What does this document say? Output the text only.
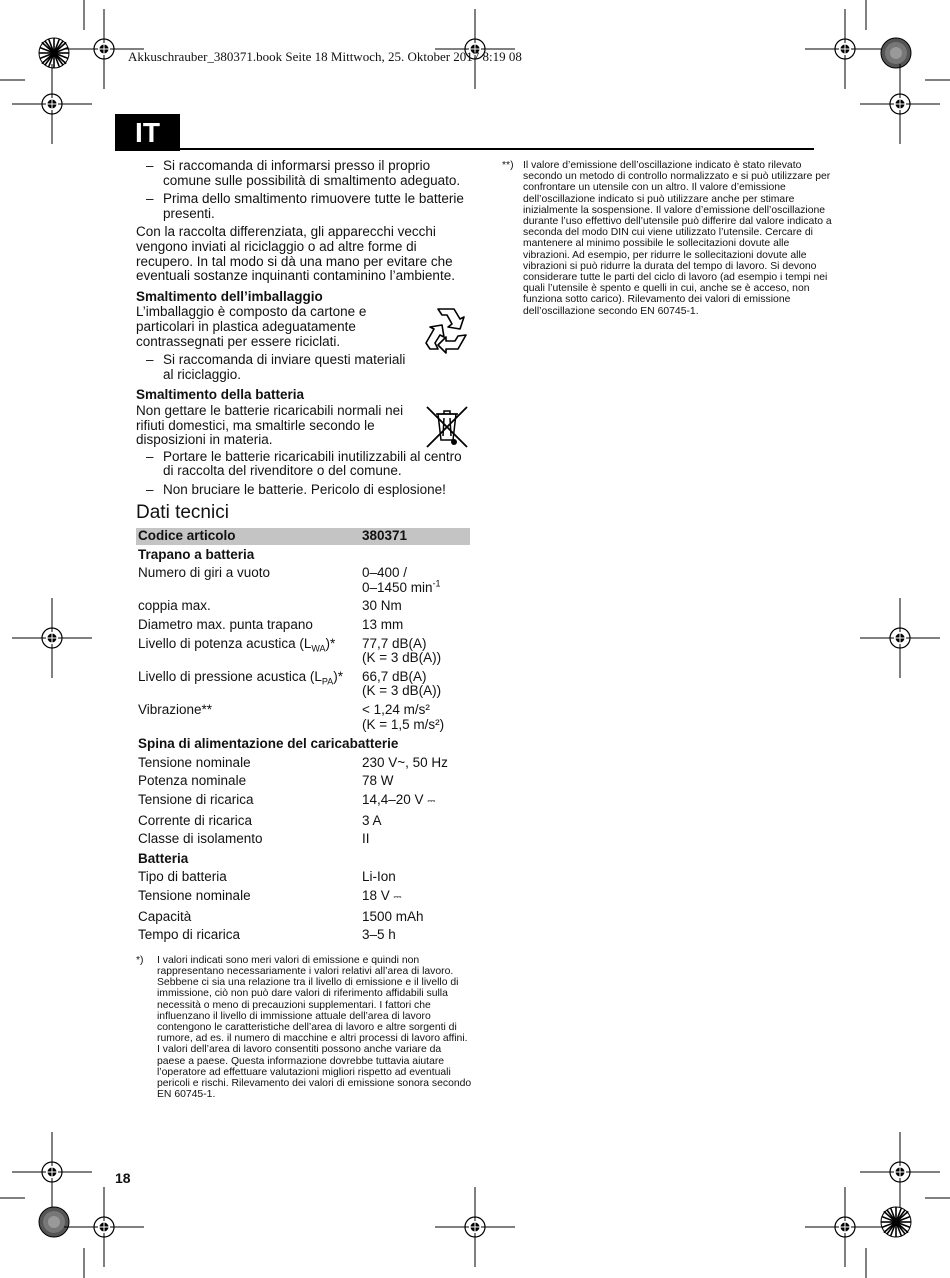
Akkuschrauber_380371.book Seite 18 Mittwoch, 25. Oktober 2017 8:19 08
IT
– Si raccomanda di informarsi presso il proprio comune sulle possibilità di smaltimento adeguato.
– Prima dello smaltimento rimuovere tutte le batterie presenti.

Con la raccolta differenziata, gli apparecchi vecchi vengono inviati al riciclaggio o ad altre forme di recupero. In tal modo si dà una mano per evitare che eventuali sostanze inquinanti contaminino l’ambiente.

Smaltimento dell’imballaggio

L’imballaggio è composto da cartone e particolari in plastica adeguatamente contrassegnati per essere riciclati.

– Si raccomanda di inviare questi materiali al riciclaggio.

Smaltimento della batteria

Non gettare le batterie ricaricabili normali nei rifiuti domestici, ma smaltirle secondo le disposizioni in materia.

– Portare le batterie ricaricabili inutilizzabili al centro di raccolta del rivenditore o del comune.
– Non bruciare le batterie. Pericolo di esplosione!

Dati tecnici

Codice articolo	380371
Trapano a batteria	
Numero di giri a vuoto	0–400 /
0–1450 $\min^{-1}$
coppia max.	30 Nm
Diametro max. punta trapano	13 mm
Livello di potenza acustica $(L_{WA})*$	77,7 dB(A)
(K = 3 dB(A))
Livello di pressione acustica $(L_{PA})*$	66,7 dB(A)
(K = 3 dB(A))
Vibrazione**	< 1,24 m/s²
(K = 1,5 m/s²)
Spina di alimentazione del caricabatterie	
Tensione nominale	230 V~, 50 Hz
Potenza nominale	78 W
Tensione di ricarica	14,4–20 V ⎓
Corrente di ricarica	3 A
Classe di isolamento	II
Batteria	
Tipo di batteria	Li-Ion
Tensione nominale	18 V ⎓
Capacità	1500 mAh
Tempo di ricarica	3–5 h
*) I valori indicati sono meri valori di emissione e quindi non rappresentano necessariamente i valori relativi all’area di lavoro. Sebbene ci sia una relazione tra il livello di emissione e il livello di immissione, ciò non può dare valori di riferimento affidabili sulla necessità o meno di precauzioni supplementari. I fattori che influenzano il livello di immissione attuale dell’area di lavoro contengono le caratteristiche dell’area di lavoro e altre sorgenti di rumore, ad es. il numero di macchine e altri processi di lavoro affini. I valori dell’area di lavoro consentiti possono anche variare da paese a paese. Questa informazione dovrebbe tuttavia aiutare l’operatore ad effettuare valutazioni migliori rispetto ad eventuali pericoli e rischi. Rilevamento dei valori di emissione sonora secondo EN 60745-1.
**) Il valore d’emissione dell’oscillazione indicato è stato rilevato secondo un metodo di controllo normalizzato e si può utilizzare per confrontare un utensile con un altro. Il valore d’emissione dell’oscillazione indicato si può utilizzare anche per stimare inizialmente la sospensione. Il valore d’emissione dell’oscillazione durante l’uso effettivo dell’utensile può differire dal valore indicato a seconda del modo DIN cui viene utilizzato l’utensile. Cercare di mantenere al minimo possibile le sollecitazioni dovute alle vibrazioni. Ad esempio, per ridurre le sollecitazioni dovute alle vibrazioni si può ridurre la durata del tempo di lavoro. Si devono considerare tutte le parti del ciclo di lavoro (ad esempio i tempi nei quali l’utensile è spento e quelli in cui, anche se è acceso, non funziona sotto carico). Rilevamento dei valori di emissione dell’oscillazione secondo EN 60745-1.
18
